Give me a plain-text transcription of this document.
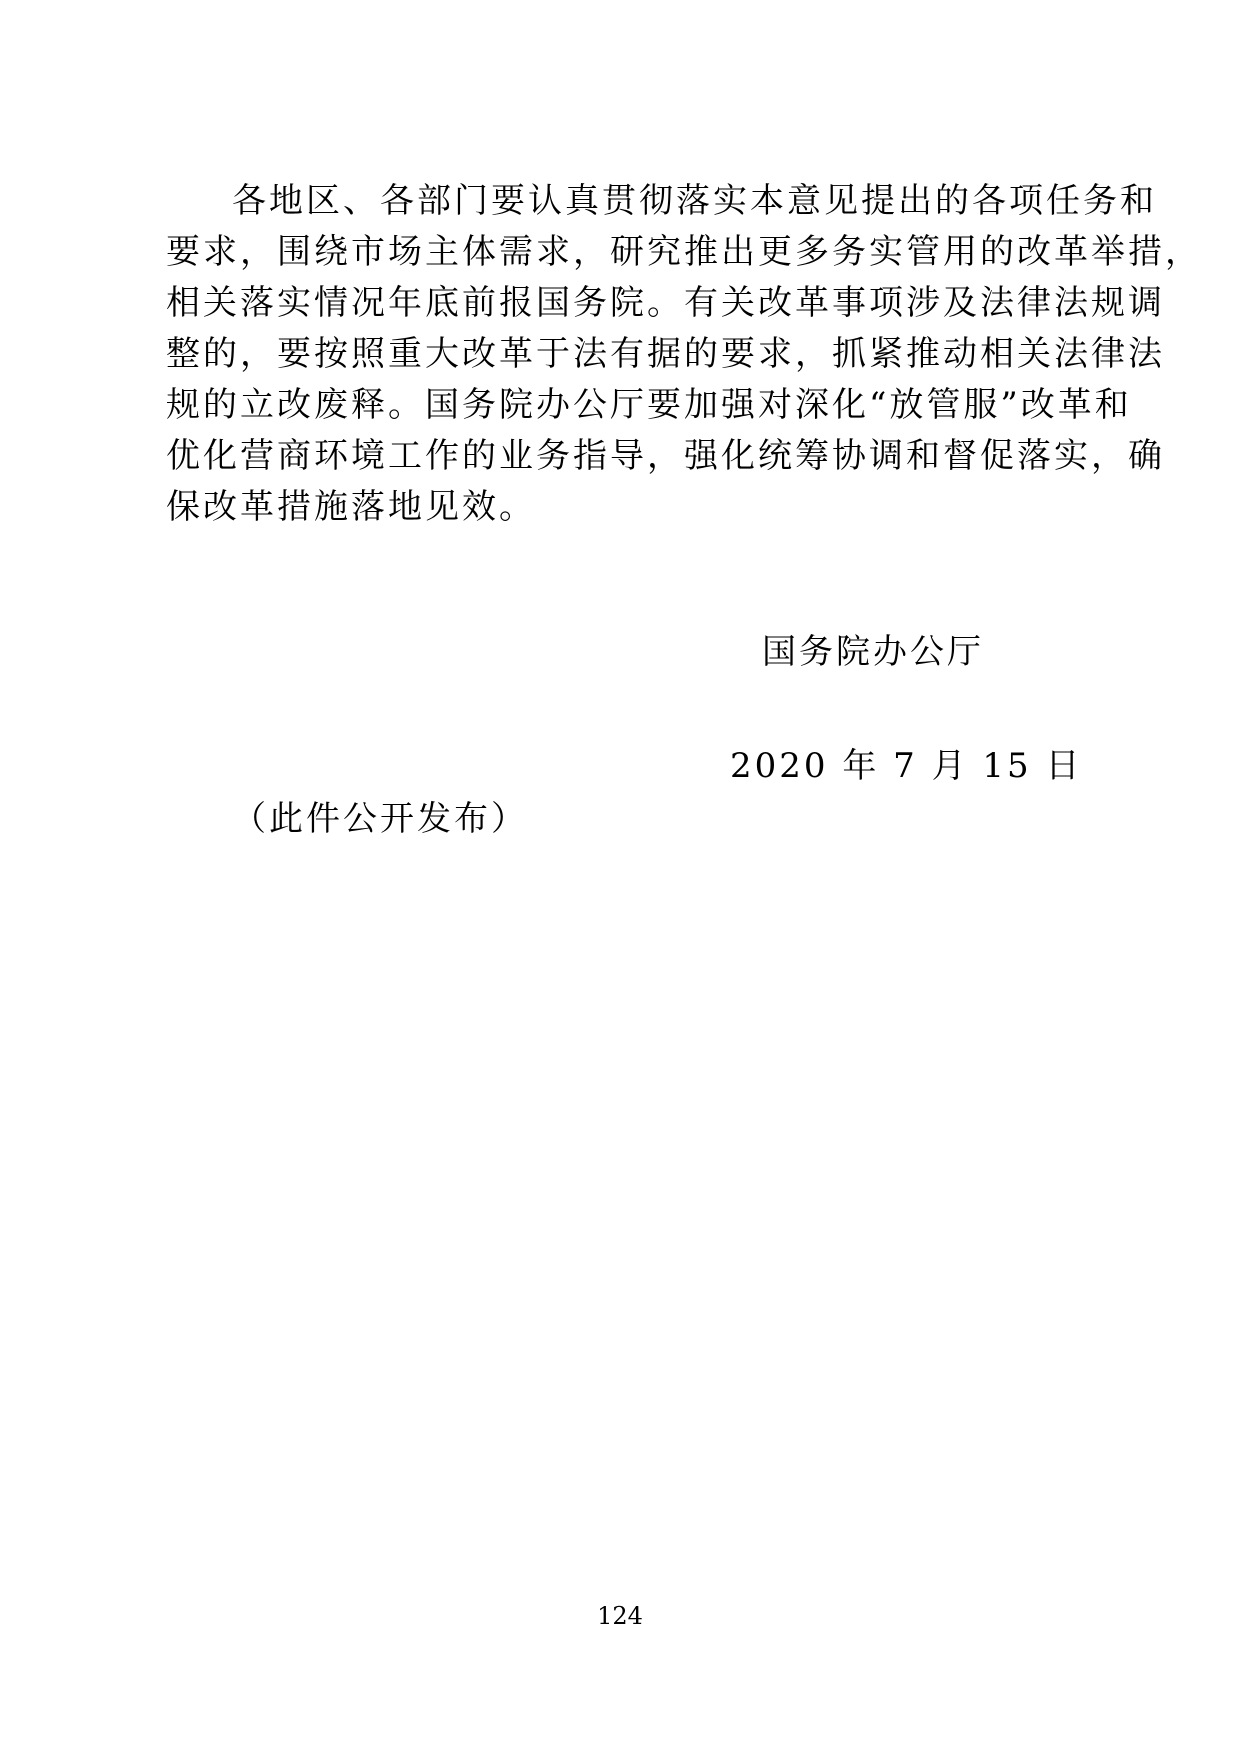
各地区、各部门要认真贯彻落实本意见提出的各项任务和
要求，围绕市场主体需求，研究推出更多务实管用的改革举措，
相关落实情况年底前报国务院。有关改革事项涉及法律法规调
整的，要按照重大改革于法有据的要求，抓紧推动相关法律法
规的立改废释。国务院办公厅要加强对深化“放管服”改革和
优化营商环境工作的业务指导，强化统筹协调和督促落实，确
保改革措施落地见效。

国务院办公厅
2020 年 7 月 15 日
（此件公开发布）
124
